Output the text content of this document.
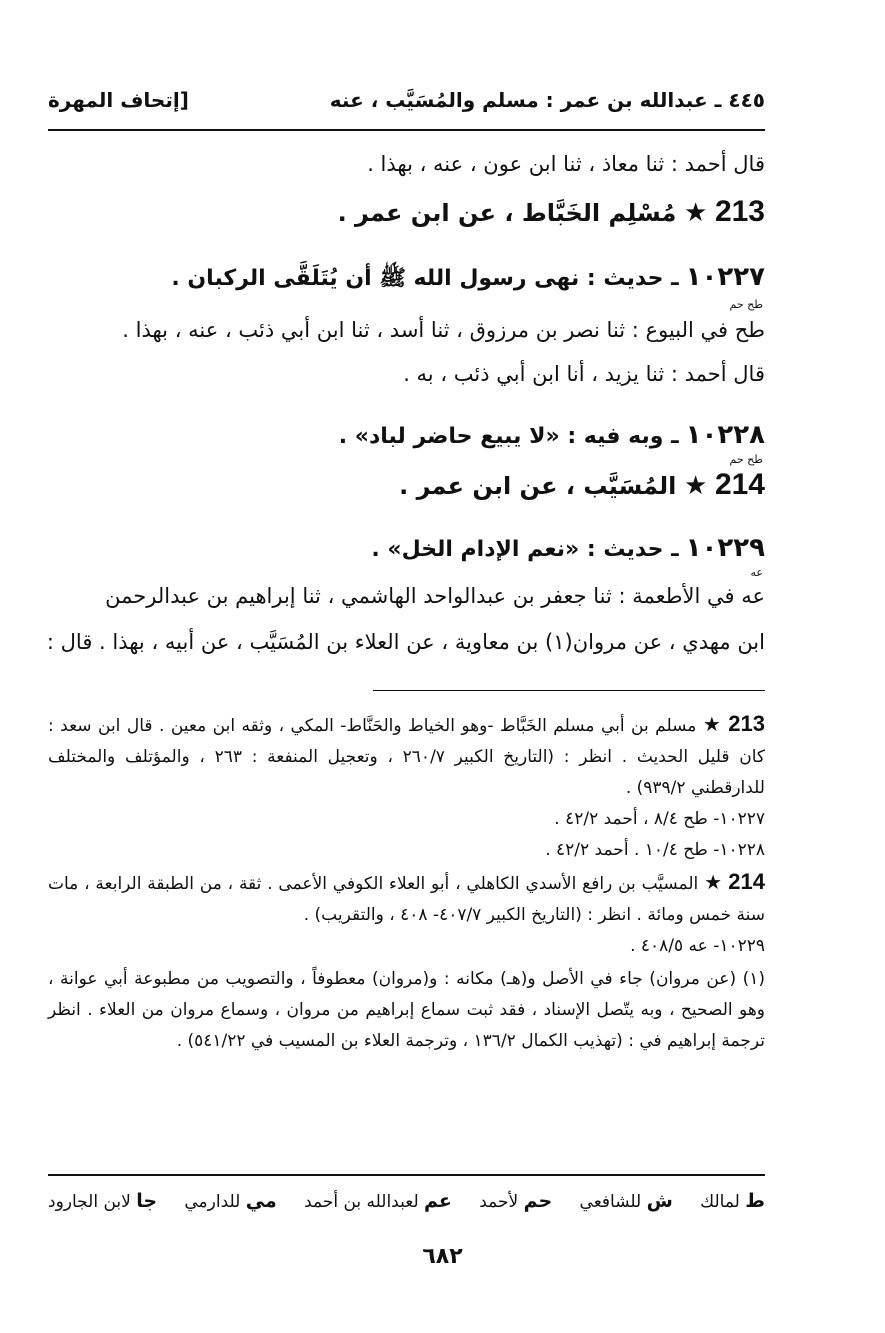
٤٤٥ ـ عبدالله بن عمر : مسلم والمُسَيَّب ، عنه
[إتحاف المهرة
قال أحمد : ثنا معاذ ، ثنا ابن عون ، عنه ، بهذا .
213 ★ مُسْلِم الخَبَّاط ، عن ابن عمر .
١٠٢٢٧ ـ حديث : نهى رسول الله ﷺ أن يُتَلَقَّى الركبان .
طح حم
طح في البيوع : ثنا نصر بن مرزوق ، ثنا أسد ، ثنا ابن أبي ذئب ، عنه ، بهذا .
قال أحمد : ثنا يزيد ، أنا ابن أبي ذئب ، به .
١٠٢٢٨ ـ وبه فيه : «لا يبيع حاضر لباد» .
طح حم
214 ★ المُسَيَّب ، عن ابن عمر .
١٠٢٢٩ ـ حديث : «نعم الإدام الخل» .
عه
عه في الأطعمة : ثنا جعفر بن عبدالواحد الهاشمي ، ثنا إبراهيم بن عبدالرحمن
ابن مهدي ، عن مروان(١) بن معاوية ، عن العلاء بن المُسَيَّب ، عن أبيه ، بهذا . قال :

213 ★ مسلم بن أبي مسلم الخَبَّاط -وهو الخياط والحَنَّاط- المكي ، وثقه ابن معين . قال ابن سعد : كان قليل الحديث . انظر : (التاريخ الكبير ٢٦٠/٧ ، وتعجيل المنفعة : ٢٦٣ ، والمؤتلف والمختلف للدارقطني ٩٣٩/٢) .

١٠٢٢٧- طح ٨/٤ ، أحمد ٤٢/٢ .

١٠٢٢٨- طح ١٠/٤ . أحمد ٤٢/٢ .

214 ★ المسيَّب بن رافع الأسدي الكاهلي ، أبو العلاء الكوفي الأعمى . ثقة ، من الطبقة الرابعة ، مات سنة خمس ومائة . انظر : (التاريخ الكبير ٤٠٧/٧- ٤٠٨ ، والتقريب) .

١٠٢٢٩- عه ٤٠٨/٥ .

(١) (عن مروان) جاء في الأصل و(هـ) مكانه : و(مروان) معطوفاً ، والتصويب من مطبوعة أبي عوانة ، وهو الصحيح ، وبه يتّصل الإسناد ، فقد ثبت سماع إبراهيم من مروان ، وسماع مروان من العلاء . انظر ترجمة إبراهيم في : (تهذيب الكمال ١٣٦/٢ ، وترجمة العلاء بن المسيب في ٥٤١/٢٢) .

ط لمالك
ش للشافعي
حم لأحمد
عم لعبدالله بن أحمد
مي للدارمي
جا لابن الجارود
٦٨٢
